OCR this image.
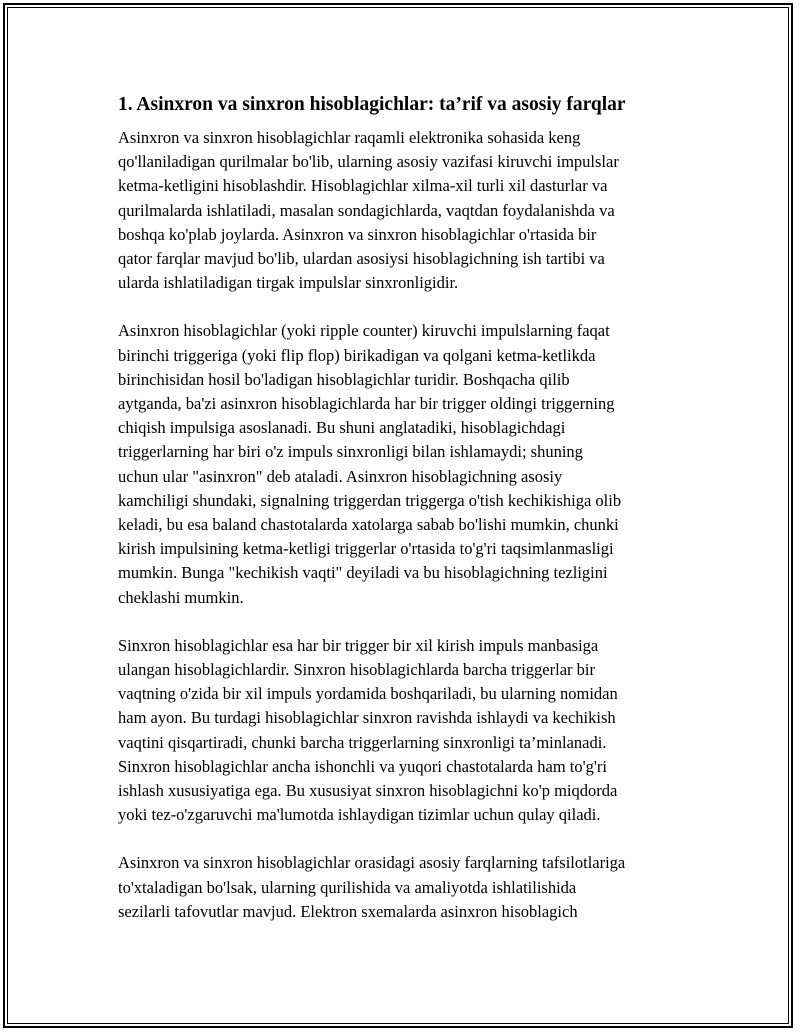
1. Asinxron va sinxron hisoblagichlar: ta’rif va asosiy farqlar

Asinxron va sinxron hisoblagichlar raqamli elektronika sohasida keng
qo'llaniladigan qurilmalar bo'lib, ularning asosiy vazifasi kiruvchi impulslar
ketma-ketligini hisoblashdir. Hisoblagichlar xilma-xil turli xil dasturlar va
qurilmalarda ishlatiladi, masalan sondagichlarda, vaqtdan foydalanishda va
boshqa ko'plab joylarda. Asinxron va sinxron hisoblagichlar o'rtasida bir
qator farqlar mavjud bo'lib, ulardan asosiysi hisoblagichning ish tartibi va
ularda ishlatiladigan tirgak impulslar sinxronligidir.

Asinxron hisoblagichlar (yoki ripple counter) kiruvchi impulslarning faqat
birinchi triggeriga (yoki flip flop) birikadigan va qolgani ketma-ketlikda
birinchisidan hosil bo'ladigan hisoblagichlar turidir. Boshqacha qilib
aytganda, ba'zi asinxron hisoblagichlarda har bir trigger oldingi triggerning
chiqish impulsiga asoslanadi. Bu shuni anglatadiki, hisoblagichdagi
triggerlarning har biri o'z impuls sinxronligi bilan ishlamaydi; shuning
uchun ular "asinxron" deb ataladi. Asinxron hisoblagichning asosiy
kamchiligi shundaki, signalning triggerdan triggerga o'tish kechikishiga olib
keladi, bu esa baland chastotalarda xatolarga sabab bo'lishi mumkin, chunki
kirish impulsining ketma-ketligi triggerlar o'rtasida to'g'ri taqsimlanmasligi
mumkin. Bunga "kechikish vaqti" deyiladi va bu hisoblagichning tezligini
cheklashi mumkin.

Sinxron hisoblagichlar esa har bir trigger bir xil kirish impuls manbasiga
ulangan hisoblagichlardir. Sinxron hisoblagichlarda barcha triggerlar bir
vaqtning o'zida bir xil impuls yordamida boshqariladi, bu ularning nomidan
ham ayon. Bu turdagi hisoblagichlar sinxron ravishda ishlaydi va kechikish
vaqtini qisqartiradi, chunki barcha triggerlarning sinxronligi ta’minlanadi.
Sinxron hisoblagichlar ancha ishonchli va yuqori chastotalarda ham to'g'ri
ishlash xususiyatiga ega. Bu xususiyat sinxron hisoblagichni ko'p miqdorda
yoki tez-o'zgaruvchi ma'lumotda ishlaydigan tizimlar uchun qulay qiladi.

Asinxron va sinxron hisoblagichlar orasidagi asosiy farqlarning tafsilotlariga
to'xtaladigan bo'lsak, ularning qurilishida va amaliyotda ishlatilishida
sezilarli tafovutlar mavjud. Elektron sxemalarda asinxron hisoblagich
